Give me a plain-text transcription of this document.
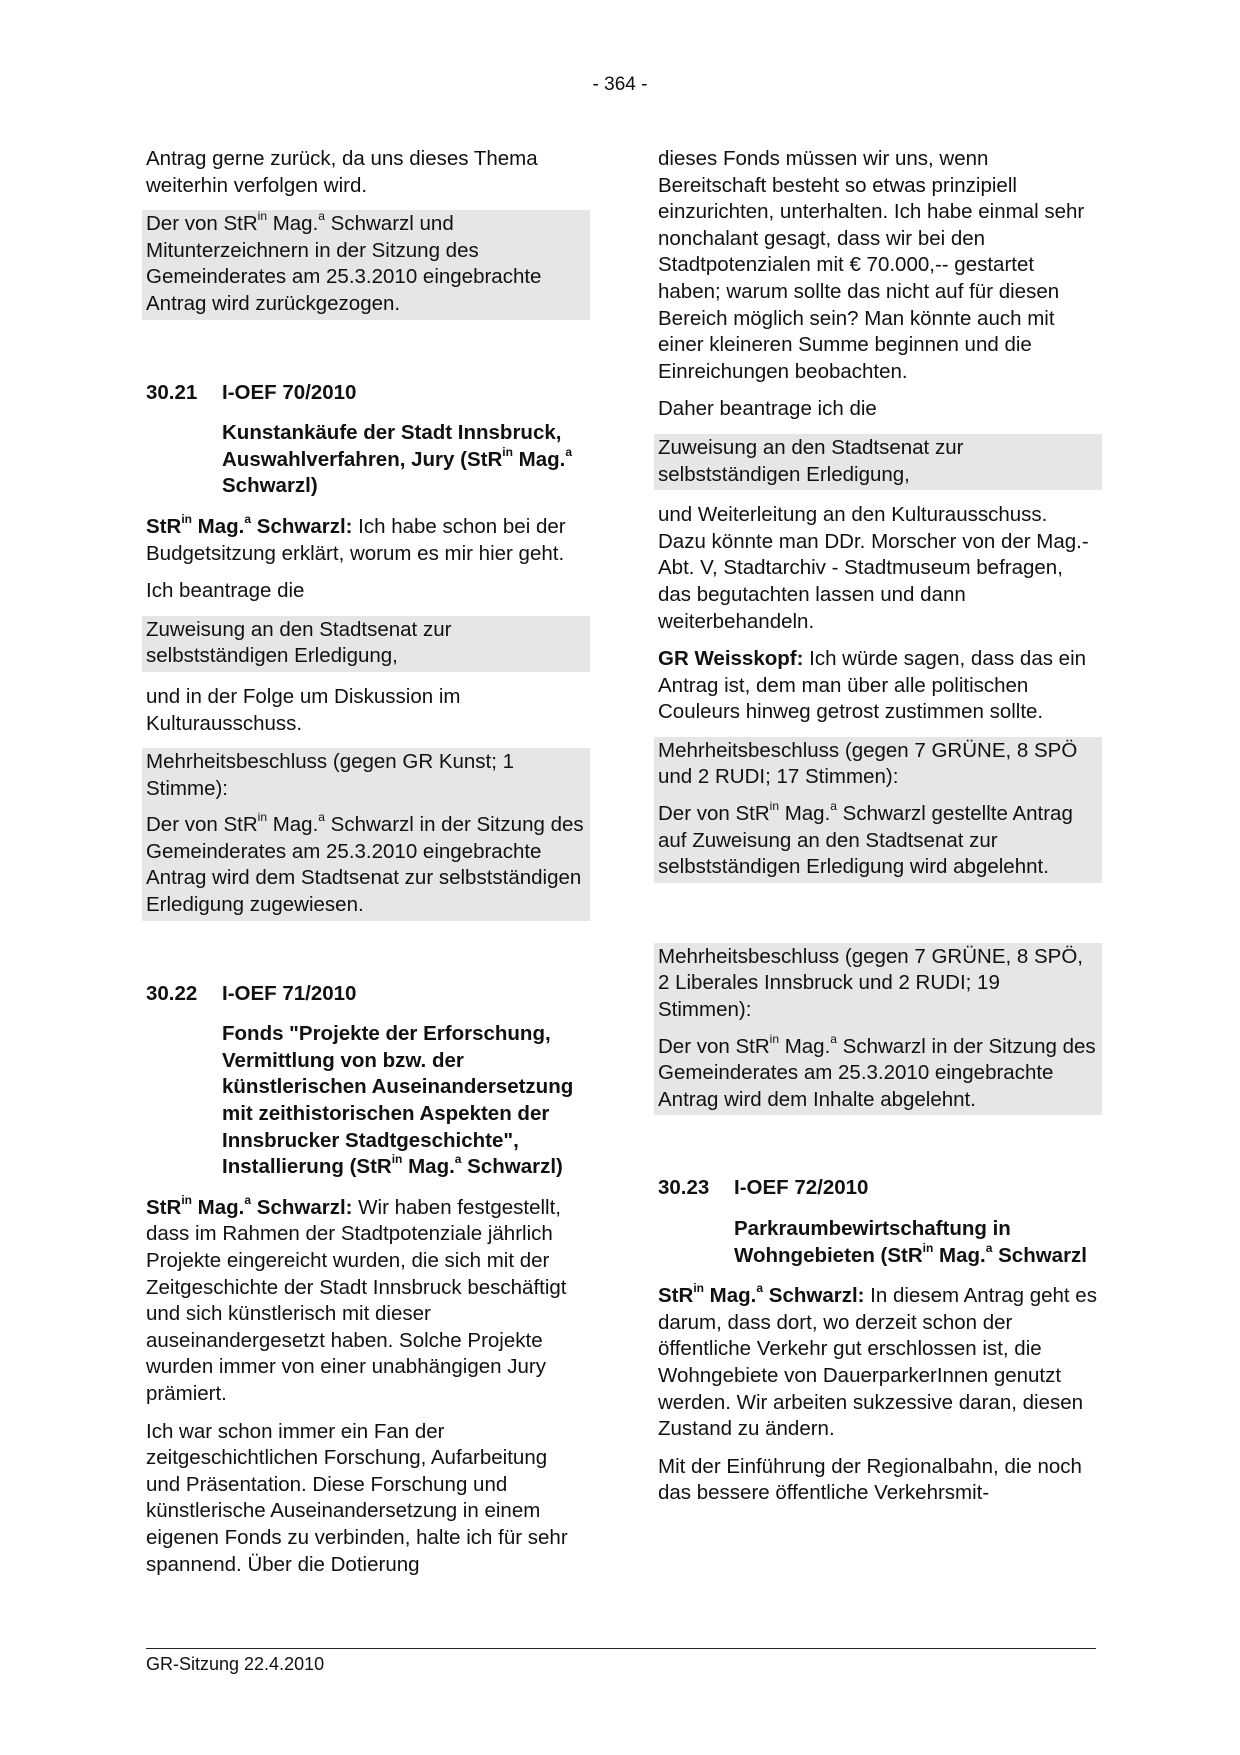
- 364 -

Antrag gerne zurück, da uns dieses Thema weiterhin verfolgen wird.

Der von StR$^{in}$ Mag.$^a$ Schwarzl und Mitunterzeichnern in der Sitzung des Gemeinderates am 25.3.2010 eingebrachte Antrag wird zurückgezogen.

30.21 I-OEF 70/2010
Kunstankäufe der Stadt Innsbruck, Auswahlverfahren, Jury (StR$^{in}$ Mag.$^a$ Schwarzl)

StR$^{in}$ Mag.$^a$ Schwarzl: Ich habe schon bei der Budgetsitzung erklärt, worum es mir hier geht.

Ich beantrage die

Zuweisung an den Stadtsenat zur selbstständigen Erledigung,

und in der Folge um Diskussion im Kulturausschuss.

Mehrheitsbeschluss (gegen GR Kunst; 1 Stimme):

Der von StR$^{in}$ Mag.$^a$ Schwarzl in der Sitzung des Gemeinderates am 25.3.2010 eingebrachte Antrag wird dem Stadtsenat zur selbstständigen Erledigung zugewiesen.

30.22 I-OEF 71/2010
Fonds "Projekte der Erforschung, Vermittlung von bzw. der künstlerischen Auseinandersetzung mit zeithistorischen Aspekten der Innsbrucker Stadtgeschichte", Installierung (StR$^{in}$ Mag.$^a$ Schwarzl)

StR$^{in}$ Mag.$^a$ Schwarzl: Wir haben festgestellt, dass im Rahmen der Stadtpotenziale jährlich Projekte eingereicht wurden, die sich mit der Zeitgeschichte der Stadt Innsbruck beschäftigt und sich künstlerisch mit dieser auseinandergesetzt haben. Solche Projekte wurden immer von einer unabhängigen Jury prämiert.

Ich war schon immer ein Fan der zeitgeschichtlichen Forschung, Aufarbeitung und Präsentation. Diese Forschung und künstlerische Auseinandersetzung in einem eigenen Fonds zu verbinden, halte ich für sehr spannend. Über die Dotierung

dieses Fonds müssen wir uns, wenn Bereitschaft besteht so etwas prinzipiell einzurichten, unterhalten. Ich habe einmal sehr nonchalant gesagt, dass wir bei den Stadtpotenzialen mit € 70.000,-- gestartet haben; warum sollte das nicht auf für diesen Bereich möglich sein? Man könnte auch mit einer kleineren Summe beginnen und die Einreichungen beobachten.

Daher beantrage ich die

Zuweisung an den Stadtsenat zur selbstständigen Erledigung,

und Weiterleitung an den Kulturausschuss. Dazu könnte man DDr. Morscher von der Mag.-Abt. V, Stadtarchiv - Stadtmuseum befragen, das begutachten lassen und dann weiterbehandeln.

GR Weisskopf: Ich würde sagen, dass das ein Antrag ist, dem man über alle politischen Couleurs hinweg getrost zustimmen sollte.

Mehrheitsbeschluss (gegen 7 GRÜNE, 8 SPÖ und 2 RUDI; 17 Stimmen):

Der von StR$^{in}$ Mag.$^a$ Schwarzl gestellte Antrag auf Zuweisung an den Stadtsenat zur selbstständigen Erledigung wird abgelehnt.

Mehrheitsbeschluss (gegen 7 GRÜNE, 8 SPÖ, 2 Liberales Innsbruck und 2 RUDI; 19 Stimmen):

Der von StR$^{in}$ Mag.$^a$ Schwarzl in der Sitzung des Gemeinderates am 25.3.2010 eingebrachte Antrag wird dem Inhalte abgelehnt.

30.23 I-OEF 72/2010
Parkraumbewirtschaftung in Wohngebieten (StR$^{in}$ Mag.$^a$ Schwarzl

StR$^{in}$ Mag.$^a$ Schwarzl: In diesem Antrag geht es darum, dass dort, wo derzeit schon der öffentliche Verkehr gut erschlossen ist, die Wohngebiete von DauerparkerInnen genutzt werden. Wir arbeiten sukzessive daran, diesen Zustand zu ändern.

Mit der Einführung der Regionalbahn, die noch das bessere öffentliche Verkehrsmit-

GR-Sitzung 22.4.2010
